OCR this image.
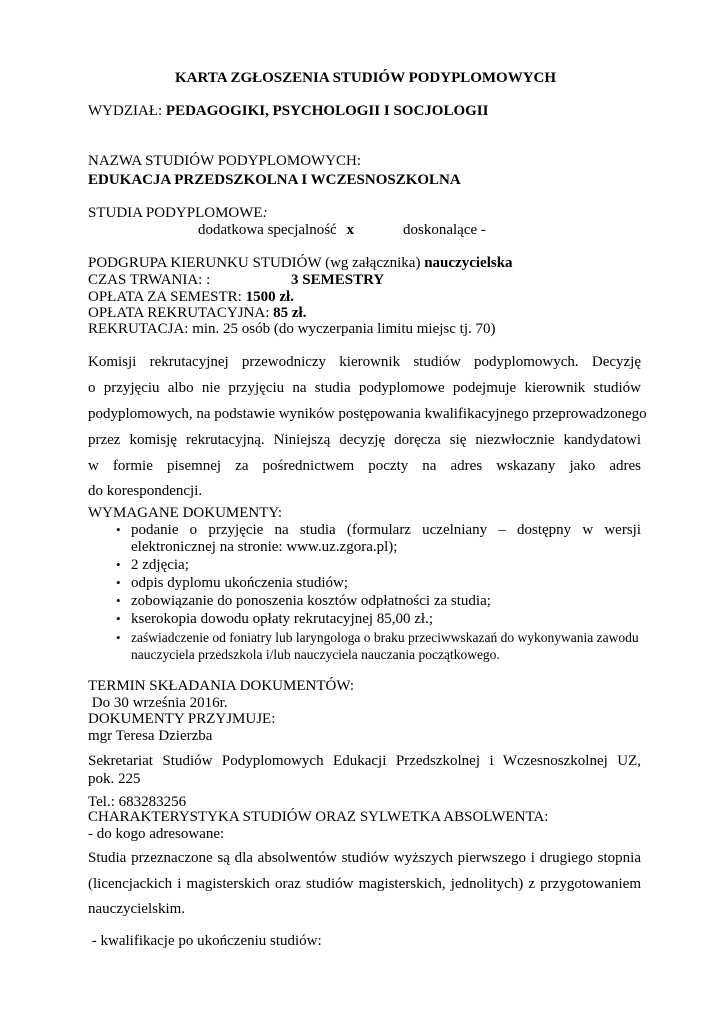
KARTA ZGŁOSZENIA STUDIÓW PODYPLOMOWYCH
WYDZIAŁ: PEDAGOGIKI, PSYCHOLOGII I SOCJOLOGII
NAZWA STUDIÓW PODYPLOMOWYCH:
EDUKACJA PRZEDSZKOLNA I WCZESNOSZKOLNA
STUDIA PODYPLOMOWE:
dodatkowa specjalność x	doskonalące -
PODGRUPA KIERUNKU STUDIÓW (wg załącznika) nauczycielska
CZAS TRWANIA: :	3 SEMESTRY
OPŁATA ZA SEMESTR: 1500 zł.
OPŁATA REKRUTACYJNA: 85 zł.
REKRUTACJA: min. 25 osób (do wyczerpania limitu miejsc tj. 70)
Komisji rekrutacyjnej przewodniczy kierownik studiów podyplomowych. Decyzję
o przyjęciu albo nie przyjęciu na studia podyplomowe podejmuje kierownik studiów
podyplomowych, na podstawie wyników postępowania kwalifikacyjnego przeprowadzonego
przez komisję rekrutacyjną. Niniejszą decyzję doręcza się niezwłocznie kandydatowi
w formie pisemnej za pośrednictwem poczty na adres wskazany jako adres
do korespondencji.
WYMAGANE DOKUMENTY:
• podanie o przyjęcie na studia (formularz uczelniany – dostępny w wersji
elektronicznej na stronie: www.uz.zgora.pl);
• 2 zdjęcia;
• odpis dyplomu ukończenia studiów;
• zobowiązanie do ponoszenia kosztów odpłatności za studia;
• kserokopia dowodu opłaty rekrutacyjnej 85,00 zł.;
• zaświadczenie od foniatry lub laryngologa o braku przeciwwskazań do wykonywania zawodu
nauczyciela przedszkola i/lub nauczyciela nauczania początkowego.
TERMIN SKŁADANIA DOKUMENTÓW:
Do 30 września 2016r.
DOKUMENTY PRZYJMUJE:
mgr Teresa Dzierzba
Sekretariat Studiów Podyplomowych Edukacji Przedszkolnej i Wczesnoszkolnej UZ,
pok. 225
Tel.: 683283256
CHARAKTERYSTYKA STUDIÓW ORAZ SYLWETKA ABSOLWENTA:
- do kogo adresowane:
Studia przeznaczone są dla absolwentów studiów wyższych pierwszego i drugiego stopnia
(licencjackich i magisterskich oraz studiów magisterskich, jednolitych) z przygotowaniem
nauczycielskim.
- kwalifikacje po ukończeniu studiów:
